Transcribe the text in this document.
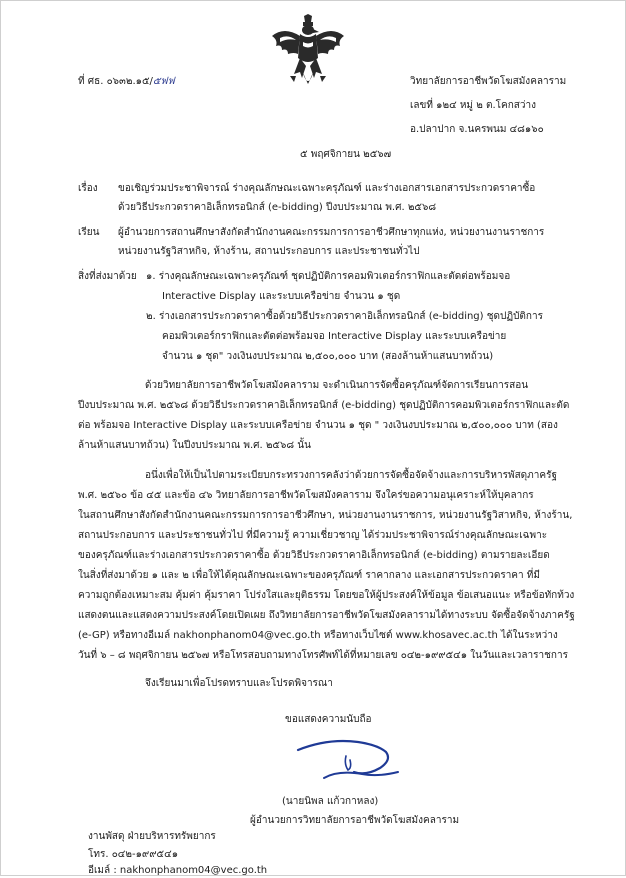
ที่ ศธ. ๐๖๓๒.๑๕/๕ฟฟ	วิทยาลัยการอาชีพวัดโฆสมังคลาราม
เลขที่ ๑๒๔ หมู่ ๒ ต.โคกสว่าง
อ.ปลาปาก จ.นครพนม ๔๘๑๖๐
๕ พฤศจิกายน ๒๕๖๗
เรื่อง ขอเชิญร่วมประชาพิจารณ์ ร่างคุณลักษณะเฉพาะครุภัณฑ์ และร่างเอกสารเอกสารประกวดราคาซื้อ
ด้วยวิธีประกวดราคาอิเล็กทรอนิกส์ (e-bidding) ปีงบประมาณ พ.ศ. ๒๕๖๘
เรียน ผู้อำนวยการสถานศึกษาสังกัดสำนักงานคณะกรรมการการอาชีวศึกษาทุกแห่ง, หน่วยงานงานราชการ
หน่วยงานรัฐวิสาหกิจ, ห้างร้าน, สถานประกอบการ และประชาชนทั่วไป
สิ่งที่ส่งมาด้วย ๑. ร่างคุณลักษณะเฉพาะครุภัณฑ์ ชุดปฏิบัติการคอมพิวเตอร์กราฟิกและตัดต่อพร้อมจอ
Interactive Display และระบบเครือข่าย จำนวน ๑ ชุด
๒. ร่างเอกสารประกวดราคาซื้อด้วยวิธีประกวดราคาอิเล็กทรอนิกส์ (e-bidding) ชุดปฏิบัติการ
คอมพิวเตอร์กราฟิกและตัดต่อพร้อมจอ Interactive Display และระบบเครือข่าย
จำนวน ๑ ชุด" วงเงินงบประมาณ ๒,๕๐๐,๐๐๐ บาท (สองล้านห้าแสนบาทถ้วน)
ด้วยวิทยาลัยการอาชีพวัดโฆสมังคลาราม จะดำเนินการจัดซื้อครุภัณฑ์จัดการเรียนการสอน
ปีงบประมาณ พ.ศ. ๒๕๖๘ ด้วยวิธีประกวดราคาอิเล็กทรอนิกส์ (e-bidding) ชุดปฏิบัติการคอมพิวเตอร์กราฟิกและตัด
ต่อ พร้อมจอ Interactive Display และระบบเครือข่าย จำนวน ๑ ชุด " วงเงินงบประมาณ ๒,๕๐๐,๐๐๐ บาท (สอง
ล้านห้าแสนบาทถ้วน) ในปีงบประมาณ พ.ศ. ๒๕๖๘ นั้น
อนึ่งเพื่อให้เป็นไปตามระเบียบกระทรวงการคลังว่าด้วยการจัดซื้อจัดจ้างและการบริหารพัสดุภาครัฐ
พ.ศ. ๒๕๖๐ ข้อ ๔๕ และข้อ ๔๖ วิทยาลัยการอาชีพวัดโฆสมังคลาราม จึงใคร่ขอความอนุเคราะห์ให้บุคลากร
ในสถานศึกษาสังกัดสำนักงานคณะกรรมการการอาชีวศึกษา, หน่วยงานงานราชการ, หน่วยงานรัฐวิสาหกิจ, ห้างร้าน,
สถานประกอบการ และประชาชนทั่วไป ที่มีความรู้ ความเชี่ยวชาญ ได้ร่วมประชาพิจารณ์ร่างคุณลักษณะเฉพาะ
ของครุภัณฑ์และร่างเอกสารประกวดราคาซื้อ ด้วยวิธีประกวดราคาอิเล็กทรอนิกส์ (e-bidding) ตามรายละเอียด
ในสิ่งที่ส่งมาด้วย ๑ และ ๒ เพื่อให้ได้คุณลักษณะเฉพาะของครุภัณฑ์ ราคากลาง และเอกสารประกวดราคา ที่มี
ความถูกต้องเหมาะสม คุ้มค่า คุ้มราคา โปร่งใสและยุติธรรม โดยขอให้ผู้ประสงค์ให้ข้อมูล ข้อเสนอแนะ หรือข้อทักท้วง
แสดงตนและแสดงความประสงค์โดยเปิดเผย ถึงวิทยาลัยการอาชีพวัดโฆสมังคลารามได้ทางระบบ จัดซื้อจัดจ้างภาครัฐ
(e-GP) หรือทางอีเมล์ nakhonphanom04@vec.go.th หรือทางเว็บไซต์ www.khosavec.ac.th ได้ในระหว่าง
วันที่ ๖ – ๘ พฤศจิกายน ๒๕๖๗ หรือโทรสอบถามทางโทรศัพท์ได้ที่หมายเลข ๐๔๒-๑๙๙๕๔๑ ในวันและเวลาราชการ
จึงเรียนมาเพื่อโปรดทราบและโปรดพิจารณา
ขอแสดงความนับถือ
(นายนิพล แก้วกาหลง)
ผู้อำนวยการวิทยาลัยการอาชีพวัดโฆสมังคลาราม
งานพัสดุ ฝ่ายบริหารทรัพยากร
โทร. ๐๔๒-๑๙๙๕๔๑
อีเมล์ : nakhonphanom04@vec.go.th
